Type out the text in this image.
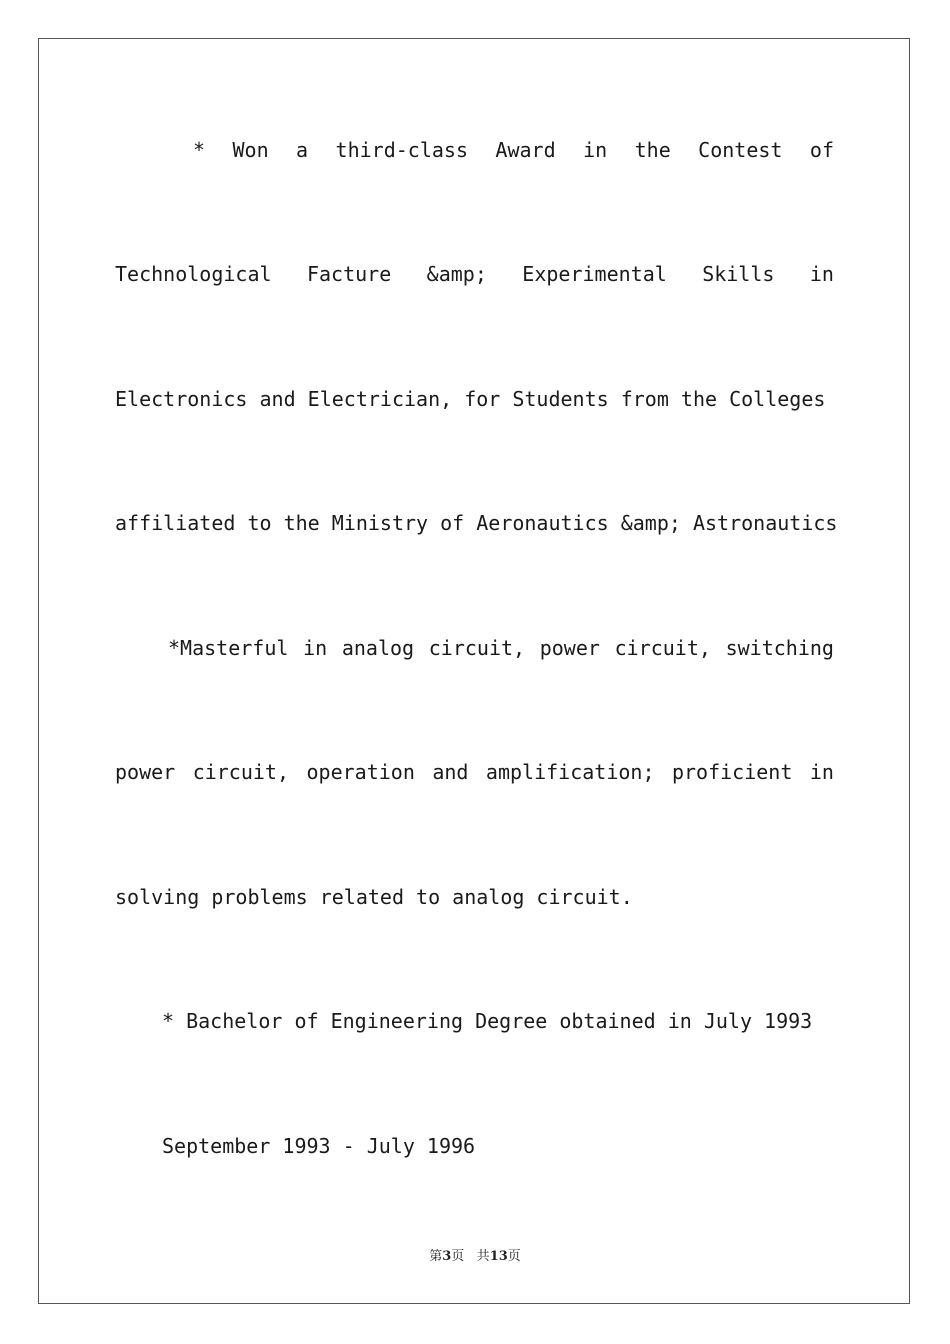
* Won a third-class Award in the Contest of

Technological Facture &amp; Experimental Skills in

Electronics and Electrician, for Students from the Colleges

affiliated to the Ministry of Aeronautics &amp; Astronautics

*Masterful in analog circuit, power circuit, switching

power circuit, operation and amplification; proficient in

solving problems related to analog circuit.

* Bachelor of Engineering Degree obtained in July 1993

September 1993 - July 1996

第3页 共13页
